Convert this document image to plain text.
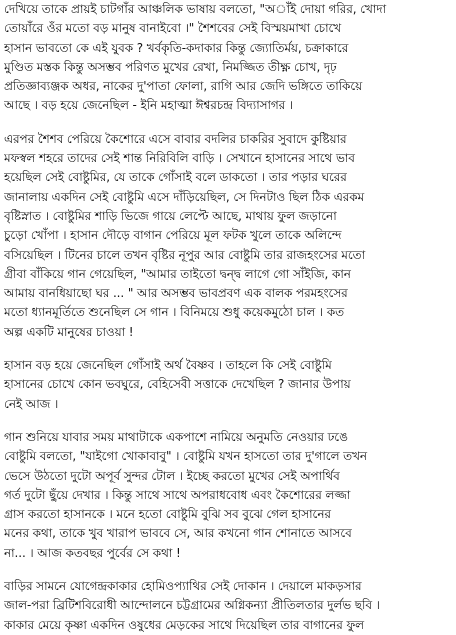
দেখিয়ে তাকে প্রায়ই চাটগাঁর আঞ্চলিক ভাষায় বলতো, "অাঁই দোয়া গরির, খোদা
তোয়াঁরে ওঁর মতো বড় মানুষ বানাইবো ।" শৈশবের সেই বিস্ময়মাখা চোখে
হাসান ভাবতো কে এই যুবক ? খর্বকৃতি-কদাকার কিন্তু জ্যোতির্ময়, চক্রাকারে
মুণ্ডিত মস্তক কিন্তু অসম্ভব পরিণত মুখের রেখা, নিমজ্জিত তীক্ষ্ণ চোখ, দৃঢ়
প্রতিজ্ঞাব্যঞ্জক অধর, নাকের দু'পাতা ফোলা, রাগি আর জেদি ভঙ্গিতে তাকিয়ে
আছে । বড় হয়ে জেনেছিল - ইনি মহাত্মা ঈশ্বরচন্দ্র বিদ্যাসাগর ।
এরপর শৈশব পেরিয়ে কৈশোরে এসে বাবার বদলির চাকরির সুবাদে কুষ্টিয়ার
মফস্বল শহরে তাদের সেই শান্ত নিরিবিলি বাড়ি । সেখানে হাসানের সাথে ভাব
হয়েছিল সেই বোষ্টুমির, যে তাকে গোঁসাই বলে ডাকতো । তার পড়ার ঘরের
জানালায় একদিন সেই বোষ্টুমি এসে দাঁড়িয়েছিল, সে দিনটাও ছিল ঠিক এরকম
বৃষ্টিস্নাত । বোষ্টুমির শাড়ি ভিজে গায়ে লেপ্টে আছে, মাথায় ফুল জড়ানো
চুড়ো খোঁপা । হাসান দৌড়ে বাগান পেরিয়ে মূল ফটক খুলে তাকে অলিন্দে
বসিয়েছিল । টিনের চালে তখন বৃষ্টির নূপুর আর বোষ্টুমি তার রাজহংসের মতো
গ্রীবা বাঁকিয়ে গান গেয়েছিল, "আমার তাইতো দ্বন্দ্ব লাগে গো সাঁইজি, কান
আমায় বানধিয়াছো ঘর ... " আর অসম্ভব ভাবপ্রবণ এক বালক পরমহংসের
মতো ধ্যানমূর্তিতে শুনেছিল সে গান । বিনিময়ে শুধু কয়েকমুঠো চাল । কত
অল্প একটি মানুষের চাওয়া !
হাসান বড় হয়ে জেনেছিল গোঁসাই অর্থ বৈষ্ণব । তাহলে কি সেই বোষ্টুমি
হাসানের চোখে কোন ভবঘুরে, বেহিসেবী সত্তাকে দেখেছিল ? জানার উপায়
নেই আজ ।
গান শুনিয়ে যাবার সময় মাথাটাকে একপাশে নামিয়ে অনুমতি নেওয়ার ঢঙে
বোষ্টুমি বলতো, "যাইগো খোকাবাবু" । বোষ্টুমি যখন হাসতো তার দু'গালে তখন
ভেসে উঠতো দুটো অপূর্ব সুন্দর টোল । ইচ্ছে করতো মুখের সেই অপার্থিব
গর্ত দুটো ছুঁয়ে দেখার । কিন্তু সাথে সাথে অপরাধবোধ এবং কৈশোরের লজ্জা
গ্রাস করতো হাসানকে । মনে হতো বোষ্টুমি বুঝি সব বুঝে গেল হাসানের
মনের কথা, তাকে খুব খারাপ ভাববে সে, আর কখনো গান শোনাতে আসবে
না... । আজ কতবছর পুর্বের সে কথা !
বাড়ির সামনে যোগেন্দ্রকাকার হোমিওপ্যাথির সেই দোকান । দেয়ালে মাকড়সার
জাল-পরা ব্রিটিশবিরোধী আন্দোলনে চট্টগ্রামের অগ্নিকন্যা প্রীতিলতার দুর্লভ ছবি ।
কাকার মেয়ে কৃষ্ণা একদিন ওষুধের মেড়কের সাথে দিয়েছিল তার বাগানের ফুল
